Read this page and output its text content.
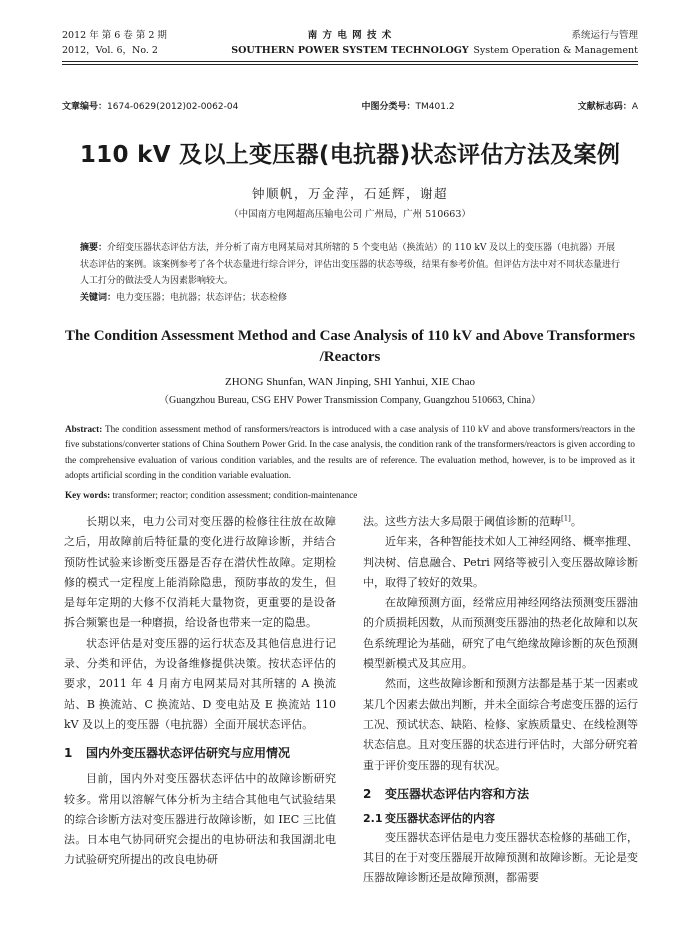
2012 年 第 6 卷 第 2 期	南 方 电 网 技 术	系统运行与管理
2012，Vol. 6，No. 2	SOUTHERN POWER SYSTEM TECHNOLOGY System Operation & Management
文章编号：1674-0629(2012)02-0062-04	中图分类号：TM401.2	文献标志码：A
110 kV 及以上变压器(电抗器)状态评估方法及案例
钟顺帆，万金萍，石延辉，谢超
（中国南方电网超高压输电公司 广州局，广州 510663）
摘要：介绍变压器状态评估方法，并分析了南方电网某局对其所辖的 5 个变电站（换流站）的 110 kV 及以上的变压器（电抗器）开展状态评估的案例。该案例参考了各个状态量进行综合评分，评估出变压器的状态等级，结果有参考价值。但评估方法中对不同状态量进行人工打分的做法受人为因素影响较大。
关键词：电力变压器；电抗器；状态评估；状态检修
The Condition Assessment Method and Case Analysis of 110 kV and Above Transformers /Reactors
ZHONG Shunfan, WAN Jinping, SHI Yanhui, XIE Chao
（Guangzhou Bureau, CSG EHV Power Transmission Company, Guangzhou 510663, China）
Abstract: The condition assessment method of ransformers/reactors is introduced with a case analysis of 110 kV and above transformers/reactors in the five substations/converter stations of China Southern Power Grid. In the case analysis, the condition rank of the transformers/reactors is given according to the comprehensive evaluation of various condition variables, and the results are of reference. The evaluation method, however, is to be improved as it adopts artificial scording in the condition variable evaluation.
Key words: transformer; reactor; condition assessment; condition-maintenance

长期以来，电力公司对变压器的检修往往放在故障之后，用故障前后特征量的变化进行故障诊断，并结合预防性试验来诊断变压器是否存在潜伏性故障。定期检修的模式一定程度上能消除隐患，预防事故的发生，但是每年定期的大修不仅消耗大量物资，更重要的是设备拆合频繁也是一种磨损，给设备也带来一定的隐患。

状态评估是对变压器的运行状态及其他信息进行记录、分类和评估，为设备维修提供决策。按状态评估的要求，2011 年 4 月南方电网某局对其所辖的 A 换流站、B 换流站、C 换流站、D 变电站及 E 换流站 110 kV 及以上的变压器（电抗器）全面开展状态评估。

1 国内外变压器状态评估研究与应用情况

目前，国内外对变压器状态评估中的故障诊断研究较多。常用以溶解气体分析为主结合其他电气试验结果的综合诊断方法对变压器进行故障诊断，如 IEC 三比值法。日本电气协同研究会提出的电协研法和我国湖北电力试验研究所提出的改良电协研

法。这些方法大多局限于阈值诊断的范畴[1]。

近年来，各种智能技术如人工神经网络、概率推理、判决树、信息融合、Petri 网络等被引入变压器故障诊断中，取得了较好的效果。

在故障预测方面，经常应用神经网络法预测变压器油的介质损耗因数，从而预测变压器油的热老化故障和以灰色系统理论为基础，研究了电气绝缘故障诊断的灰色预测模型新模式及其应用。

然而，这些故障诊断和预测方法都是基于某一因素或某几个因素去做出判断，并未全面综合考虑变压器的运行工况、预试状态、缺陷、检修、家族质量史、在线检测等状态信息。且对变压器的状态进行评估时，大部分研究着重于评价变压器的现有状况。

2 变压器状态评估内容和方法
2.1 变压器状态评估的内容

变压器状态评估是电力变压器状态检修的基础工作，其目的在于对变压器展开故障预测和故障诊断。无论是变压器故障诊断还是故障预测，都需要
